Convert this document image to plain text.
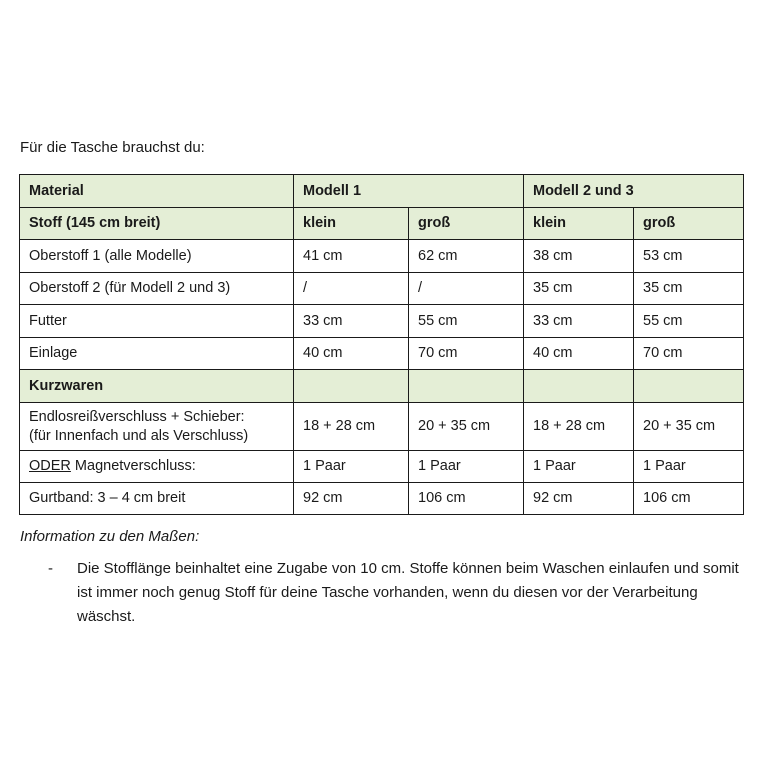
Für die Tasche brauchst du:
Material	Modell 1		Modell 2 und 3	
Stoff (145 cm breit)	klein	groß	klein	groß
Oberstoff 1 (alle Modelle)	41 cm	62 cm	38 cm	53 cm
Oberstoff 2 (für Modell 2 und 3)	/	/	35 cm	35 cm
Futter	33 cm	55 cm	33 cm	55 cm
Einlage	40 cm	70 cm	40 cm	70 cm
Kurzwaren				
Endlosreißverschluss + Schieber:
(für Innenfach und als Verschluss)	18 + 28 cm	20 + 35 cm	18 + 28 cm	20 + 35 cm
ODER Magnetverschluss:	1 Paar	1 Paar	1 Paar	1 Paar
Gurtband: 3 – 4 cm breit	92 cm	106 cm	92 cm	106 cm
Information zu den Maßen:
- Die Stofflänge beinhaltet eine Zugabe von 10 cm. Stoffe können beim Waschen einlaufen und somit ist immer noch genug Stoff für deine Tasche vorhanden, wenn du diesen vor der Verarbeitung wäschst.
